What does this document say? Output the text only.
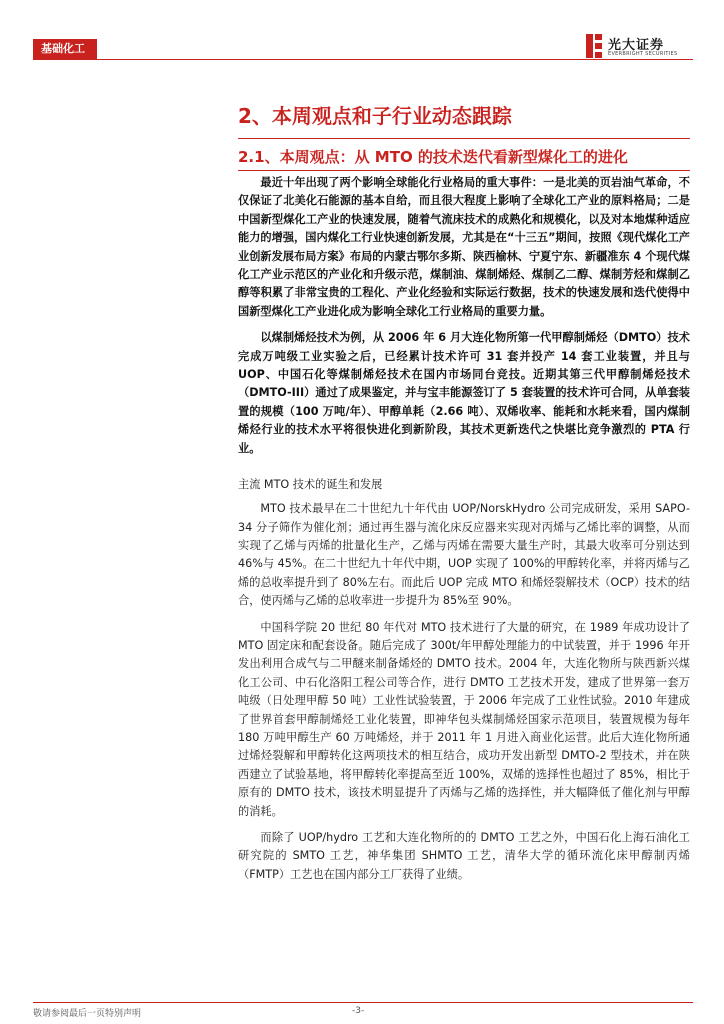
基础化工	光大证券
EVERBRIGHT SECURITIES
2、本周观点和子行业动态跟踪
2.1、本周观点：从 MTO 的技术迭代看新型煤化工的进化

最近十年出现了两个影响全球能化行业格局的重大事件：一是北美的页岩油气革命，不仅保证了北美化石能源的基本自给，而且很大程度上影响了全球化工产业的原料格局；二是中国新型煤化工产业的快速发展，随着气流床技术的成熟化和规模化，以及对本地煤种适应能力的增强，国内煤化工行业快速创新发展，尤其是在“十三五”期间，按照《现代煤化工产业创新发展布局方案》布局的内蒙古鄂尔多斯、陕西榆林、宁夏宁东、新疆准东 4 个现代煤化工产业示范区的产业化和升级示范，煤制油、煤制烯烃、煤制乙二醇、煤制芳烃和煤制乙醇等积累了非常宝贵的工程化、产业化经验和实际运行数据，技术的快速发展和迭代使得中国新型煤化工产业进化成为影响全球化工行业格局的重要力量。

以煤制烯烃技术为例，从 2006 年 6 月大连化物所第一代甲醇制烯烃（DMTO）技术完成万吨级工业实验之后，已经累计技术许可 31 套并投产 14 套工业装置，并且与 UOP、中国石化等煤制烯烃技术在国内市场同台竞技。近期其第三代甲醇制烯烃技术（DMTO-III）通过了成果鉴定，并与宝丰能源签订了 5 套装置的技术许可合同，从单套装置的规模（100 万吨/年）、甲醇单耗（2.66 吨）、双烯收率、能耗和水耗来看，国内煤制烯烃行业的技术水平将很快进化到新阶段，其技术更新迭代之快堪比竞争激烈的 PTA 行业。

主流 MTO 技术的诞生和发展

MTO 技术最早在二十世纪九十年代由 UOP/NorskHydro 公司完成研发，采用 SAPO-34 分子筛作为催化剂；通过再生器与流化床反应器来实现对丙烯与乙烯比率的调整，从而实现了乙烯与丙烯的批量化生产，乙烯与丙烯在需要大量生产时，其最大收率可分别达到 46%与 45%。在二十世纪九十年代中期，UOP 实现了 100%的甲醇转化率，并将丙烯与乙烯的总收率提升到了 80%左右。而此后 UOP 完成 MTO 和烯烃裂解技术（OCP）技术的结合，使丙烯与乙烯的总收率进一步提升为 85%至 90%。

中国科学院 20 世纪 80 年代对 MTO 技术进行了大量的研究，在 1989 年成功设计了 MTO 固定床和配套设备。随后完成了 300t/年甲醇处理能力的中试装置，并于 1996 年开发出利用合成气与二甲醚来制备烯烃的 DMTO 技术。2004 年，大连化物所与陕西新兴煤化工公司、中石化洛阳工程公司等合作，进行 DMTO 工艺技术开发，建成了世界第一套万吨级（日处理甲醇 50 吨）工业性试验装置，于 2006 年完成了工业性试验。2010 年建成了世界首套甲醇制烯烃工业化装置，即神华包头煤制烯烃国家示范项目，装置规模为每年 180 万吨甲醇生产 60 万吨烯烃，并于 2011 年 1 月进入商业化运营。此后大连化物所通过烯烃裂解和甲醇转化这两项技术的相互结合，成功开发出新型 DMTO-2 型技术，并在陕西建立了试验基地，将甲醇转化率提高至近 100%，双烯的选择性也超过了 85%，相比于原有的 DMTO 技术，该技术明显提升了丙烯与乙烯的选择性，并大幅降低了催化剂与甲醇的消耗。

而除了 UOP/hydro 工艺和大连化物所的的 DMTO 工艺之外，中国石化上海石油化工研究院的 SMTO 工艺，神华集团 SHMTO 工艺，清华大学的循环流化床甲醇制丙烯（FMTP）工艺也在国内部分工厂获得了业绩。

敬请参阅最后一页特别声明	-3-
